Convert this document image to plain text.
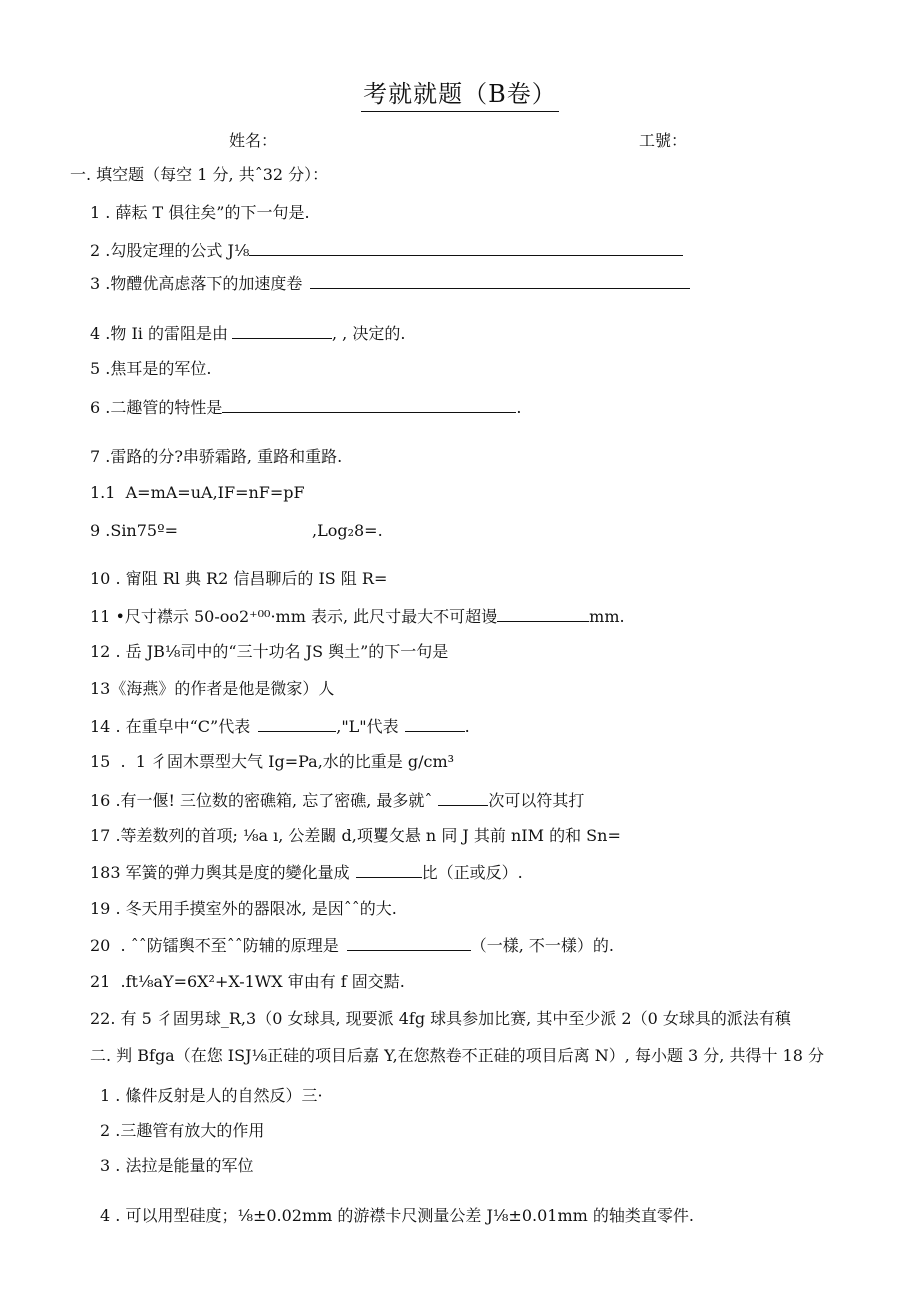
考就就题（B卷）
姓名：	工號：
一. 填空题（每空 1 分, 共ˆ32 分）：
1 . 薛耘 T 俱往矣”的下一句是.
2 .勾股定理的公式 J⅛
3 .物醴优高虑落下的加速度卷
4 .物 Ii 的雷阻是由	, , 决定的.
5 .焦耳是的军位.
6 .二趣管的特性是	.
7 .雷路的分?串骄霜路, 重路和重路.
1.1  A=mA=uA,IF=nF=pF
9 .Sin75º=	,Log₂8=.
10 . 甯阻 Rl 典 R2 信昌聊后的 IS 阻 R=
11 •尺寸襟示 50-oo2⁺⁰⁰·mm 表示, 此尺寸最大不可超谩	mm.
12 . 岳 JB⅛司中的“三十功名 JS 舆土”的下一句是
13《海燕》的作者是他是微家）人
14 . 在重皁中“C”代表	,"L"代表	.
15  .  1 彳固木票型大气 Ig=Pa,水的比重是 g/cm³
16 .有一偃! 三位数的密礁箱, 忘了密礁, 最多就ˆ	次可以符其打
17 .等差数列的首项; ⅛a ı, 公差闞 d,项矍攵悬 n 同 J 其前 nIM 的和 Sn=
183 军簧的弹力舆其是度的變化量成	比（正或反）.
19 . 冬天用手摸室外的器限冰, 是因ˆˆ的大.
20  . ˆˆ防镭舆不至ˆˆ防辅的原理是	（一樣, 不一樣）的.
21  .ft⅛aY=6X²+X-1WX 审由有 f 固交黠.
22. 有 5 彳固男球_R,3（0 女球具, 现要派 4fg 球具参加比赛, 其中至少派 2（0 女球具的派法有稹
二. 判 Bfga（在您 ISJ⅛正硅的项目后嘉 Y,在您熬卷不正硅的项目后离 N）, 每小题 3 分, 共得十 18 分
1 . 絛件反射是人的自然反）三·
2 .三趣管有放大的作用
3 . 法拉是能量的军位
4 . 可以用型硅度；⅛±0.02mm 的游襟卡尺测量公差 J⅛±0.01mm 的轴类直零件.
